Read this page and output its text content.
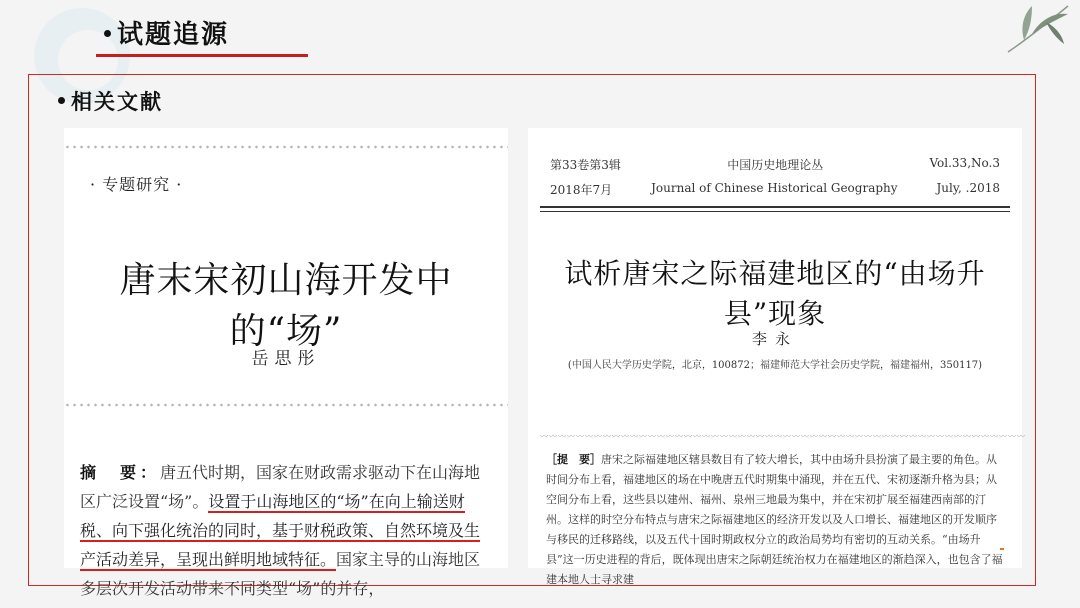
试题追源
相关文献
· 专题研究 ·
唐末宋初山海开发中的“场”
岳思彤
摘　要：唐五代时期，国家在财政需求驱动下在山海地区广泛设置“场”。设置于山海地区的“场”在向上输送财税、向下强化统治的同时，基于财税政策、自然环境及生产活动差异，呈现出鲜明地域特征。国家主导的山海地区多层次开发活动带来不同类型“场”的并存，
第33卷第3辑	中国历史地理论丛	Vol.33,No.3
2018年7月	Journal of Chinese Historical Geography	July, .2018
试析唐宋之际福建地区的“由场升县”现象
李永
(中国人民大学历史学院，北京，100872；福建师范大学社会历史学院，福建福州，350117)
〰〰〰〰〰〰〰〰〰〰〰〰〰〰〰〰〰〰〰〰〰〰〰〰〰〰〰〰〰〰〰〰〰〰〰〰〰〰〰〰〰〰〰〰〰〰〰〰〰〰〰〰〰〰
［提　要］唐宋之际福建地区辖县数目有了较大增长，其中由场升县扮演了最主要的角色。从时间分布上看，福建地区的场在中晚唐五代时期集中涌现，并在五代、宋初逐渐升格为县；从空间分布上看，这些县以建州、福州、泉州三地最为集中，并在宋初扩展至福建西南部的汀州。这样的时空分布特点与唐宋之际福建地区的经济开发以及人口增长、福建地区的开发顺序与移民的迁移路线，以及五代十国时期政权分立的政治局势均有密切的互动关系。“由场升县”这一历史进程的背后，既体现出唐宋之际朝廷统治权力在福建地区的渐趋深入，也包含了福建本地人士寻求建
